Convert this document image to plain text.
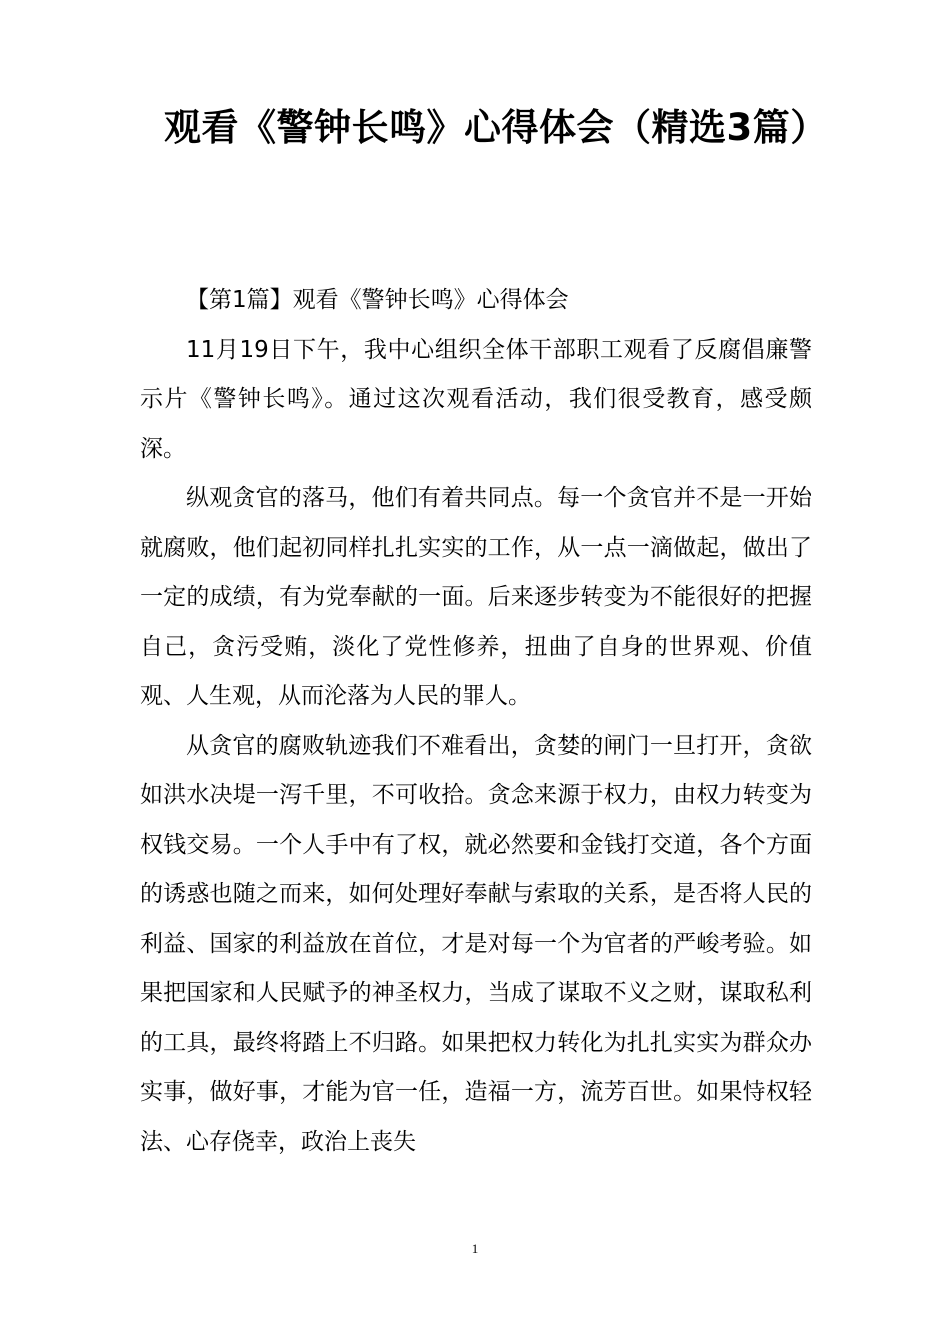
观看《警钟长鸣》心得体会（精选3篇）

【第1篇】观看《警钟长鸣》心得体会

11月19日下午，我中心组织全体干部职工观看了反腐倡廉警示片《警钟长鸣》。通过这次观看活动，我们很受教育，感受颇深。

纵观贪官的落马，他们有着共同点。每一个贪官并不是一开始就腐败，他们起初同样扎扎实实的工作，从一点一滴做起，做出了一定的成绩，有为党奉献的一面。后来逐步转变为不能很好的把握自己，贪污受贿，淡化了党性修养，扭曲了自身的世界观、价值观、人生观，从而沦落为人民的罪人。

从贪官的腐败轨迹我们不难看出，贪婪的闸门一旦打开，贪欲如洪水决堤一泻千里，不可收拾。贪念来源于权力，由权力转变为权钱交易。一个人手中有了权，就必然要和金钱打交道，各个方面的诱惑也随之而来，如何处理好奉献与索取的关系，是否将人民的利益、国家的利益放在首位，才是对每一个为官者的严峻考验。如果把国家和人民赋予的神圣权力，当成了谋取不义之财，谋取私利的工具，最终将踏上不归路。如果把权力转化为扎扎实实为群众办实事，做好事，才能为官一任，造福一方，流芳百世。如果恃权轻法、心存侥幸，政治上丧失

1
